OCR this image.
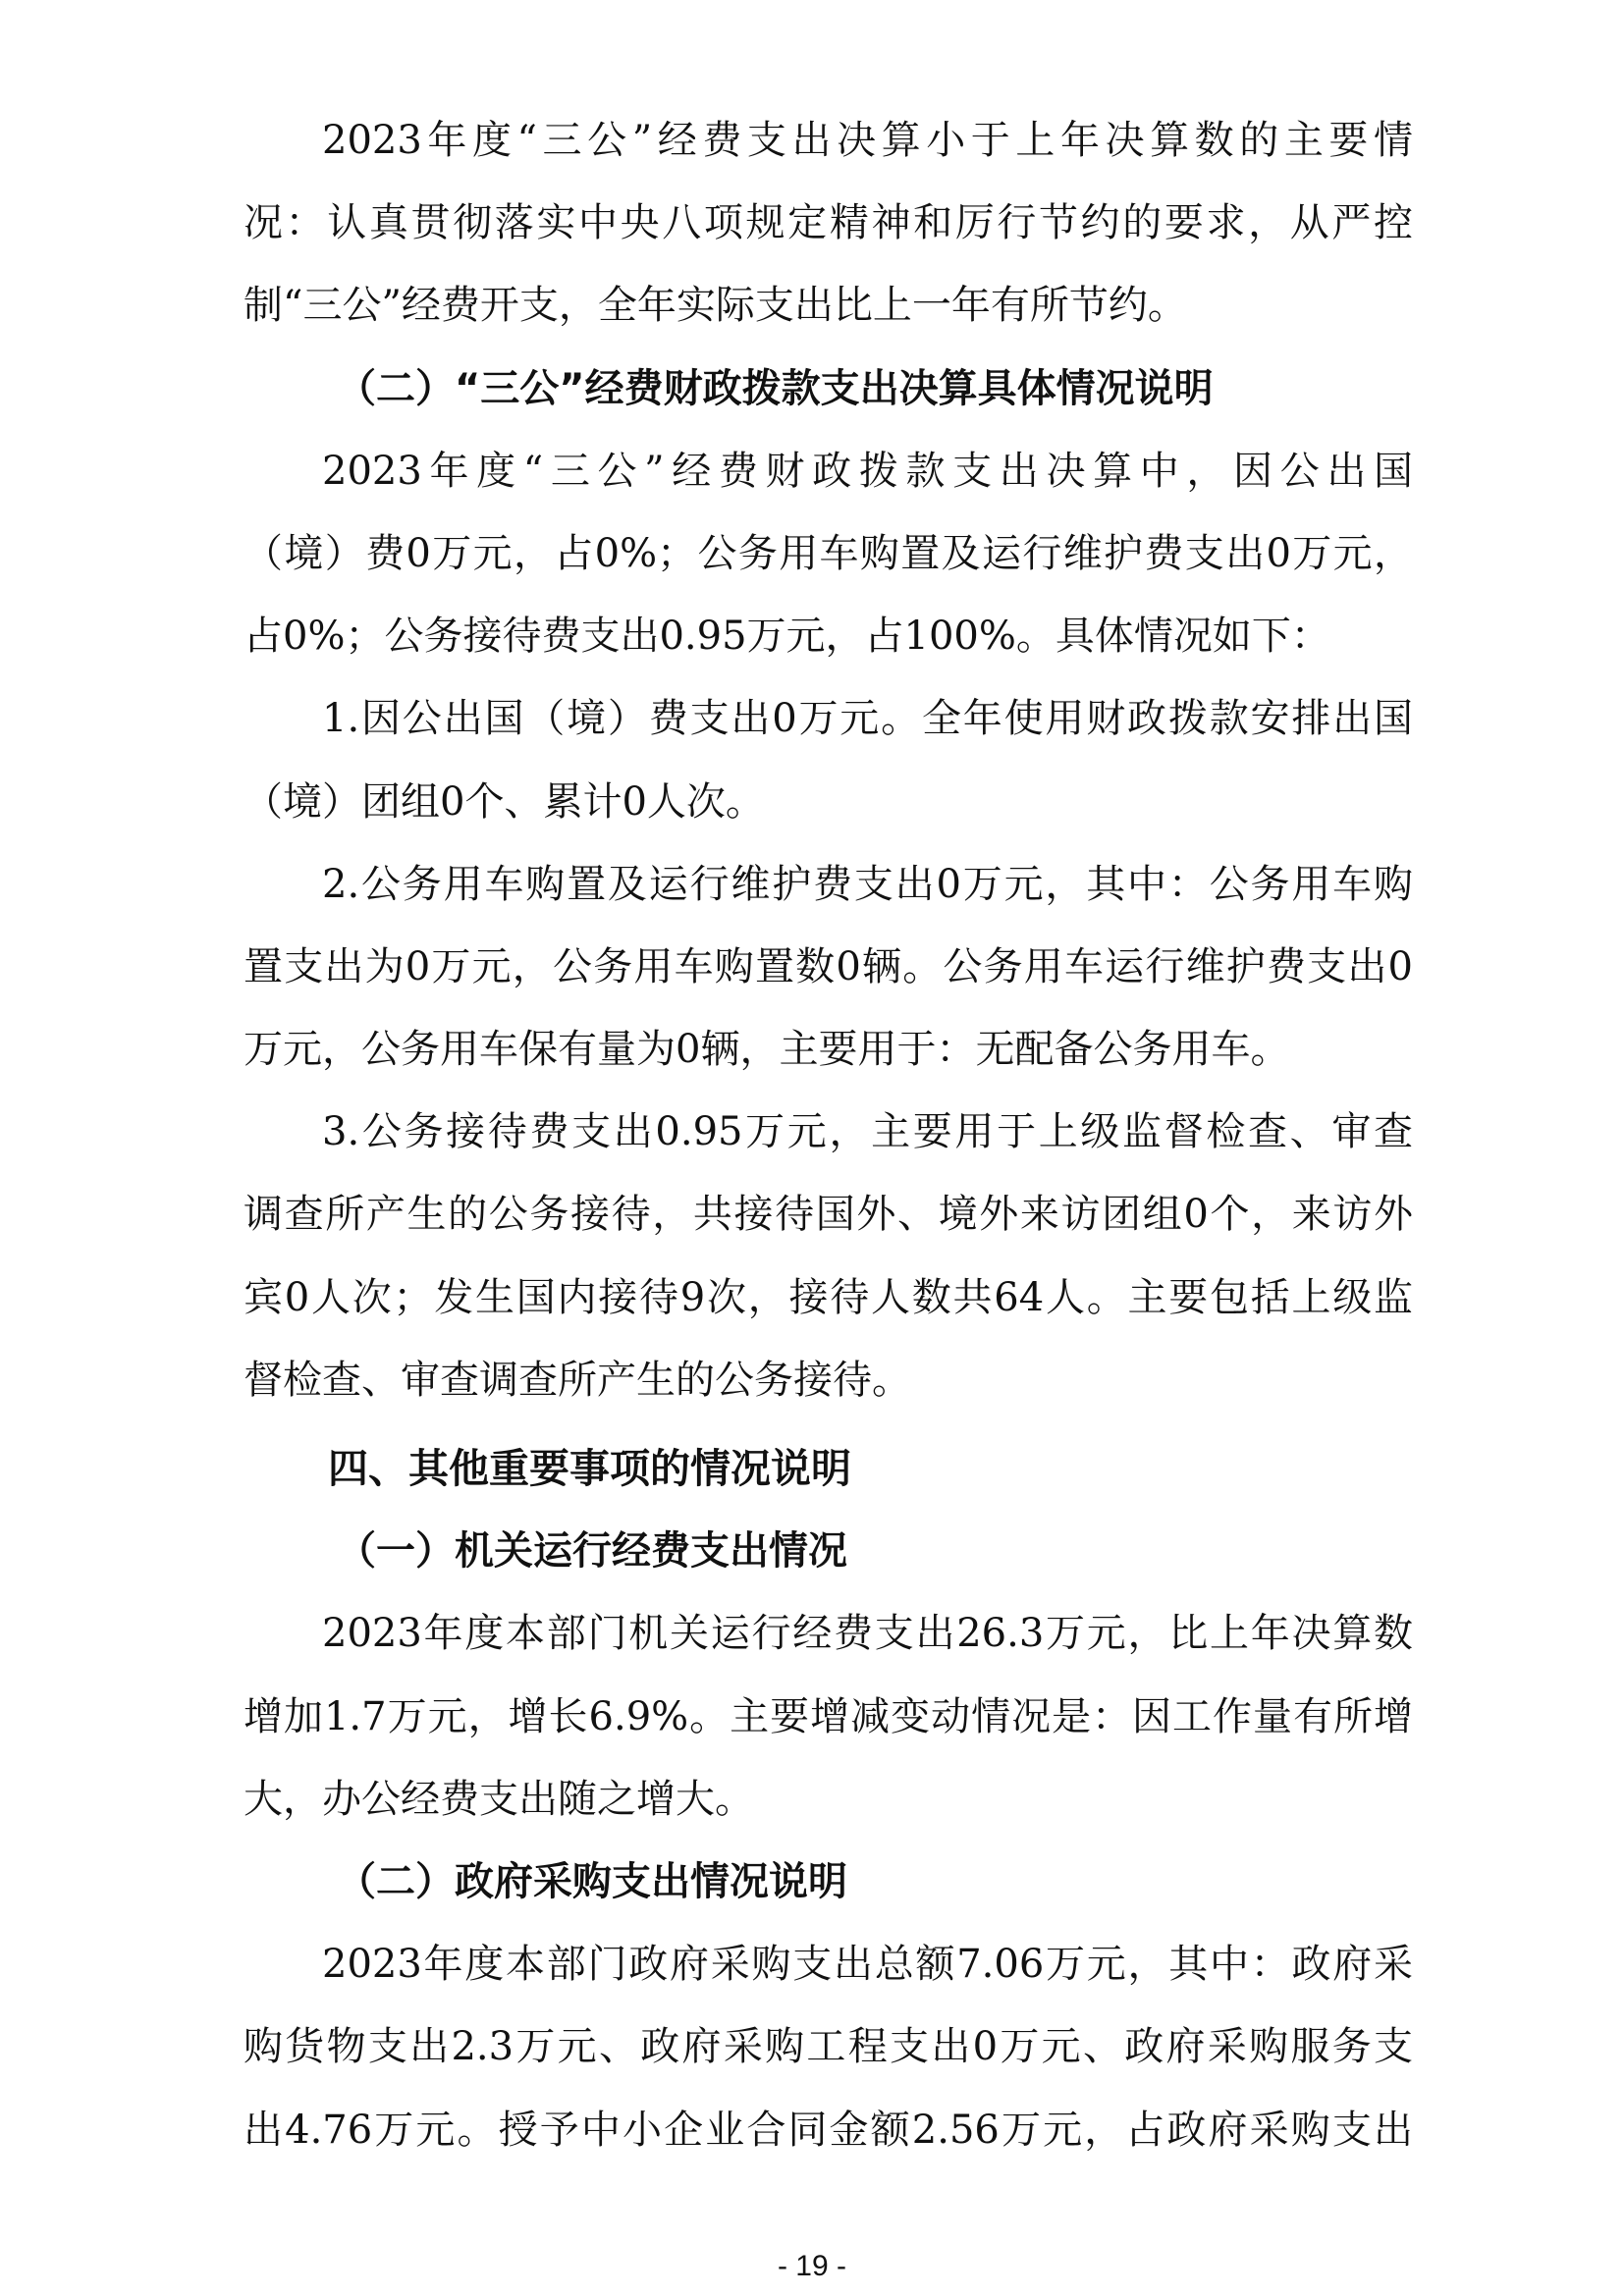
2023年度“三公”经费支出决算小于上年决算数的主要情
况：认真贯彻落实中央八项规定精神和厉行节约的要求，从严控
制“三公”经费开支，全年实际支出比上一年有所节约。
（二）“三公”经费财政拨款支出决算具体情况说明
2023年度“三公”经费财政拨款支出决算中，因公出国
（境）费0万元，占0%；公务用车购置及运行维护费支出0万元，
占0%；公务接待费支出0.95万元，占100%。具体情况如下：
1.因公出国（境）费支出0万元。全年使用财政拨款安排出国
（境）团组0个、累计0人次。
2.公务用车购置及运行维护费支出0万元，其中：公务用车购
置支出为0万元，公务用车购置数0辆。公务用车运行维护费支出0
万元，公务用车保有量为0辆，主要用于：无配备公务用车。
3.公务接待费支出0.95万元，主要用于上级监督检查、审查
调查所产生的公务接待，共接待国外、境外来访团组0个，来访外
宾0人次；发生国内接待9次，接待人数共64人。主要包括上级监
督检查、审查调查所产生的公务接待。
四、其他重要事项的情况说明
（一）机关运行经费支出情况
2023年度本部门机关运行经费支出26.3万元，比上年决算数
增加1.7万元，增长6.9%。主要增减变动情况是：因工作量有所增
大，办公经费支出随之增大。
（二）政府采购支出情况说明
2023年度本部门政府采购支出总额7.06万元，其中：政府采
购货物支出2.3万元、政府采购工程支出0万元、政府采购服务支
出4.76万元。授予中小企业合同金额2.56万元，占政府采购支出
- 19 -
